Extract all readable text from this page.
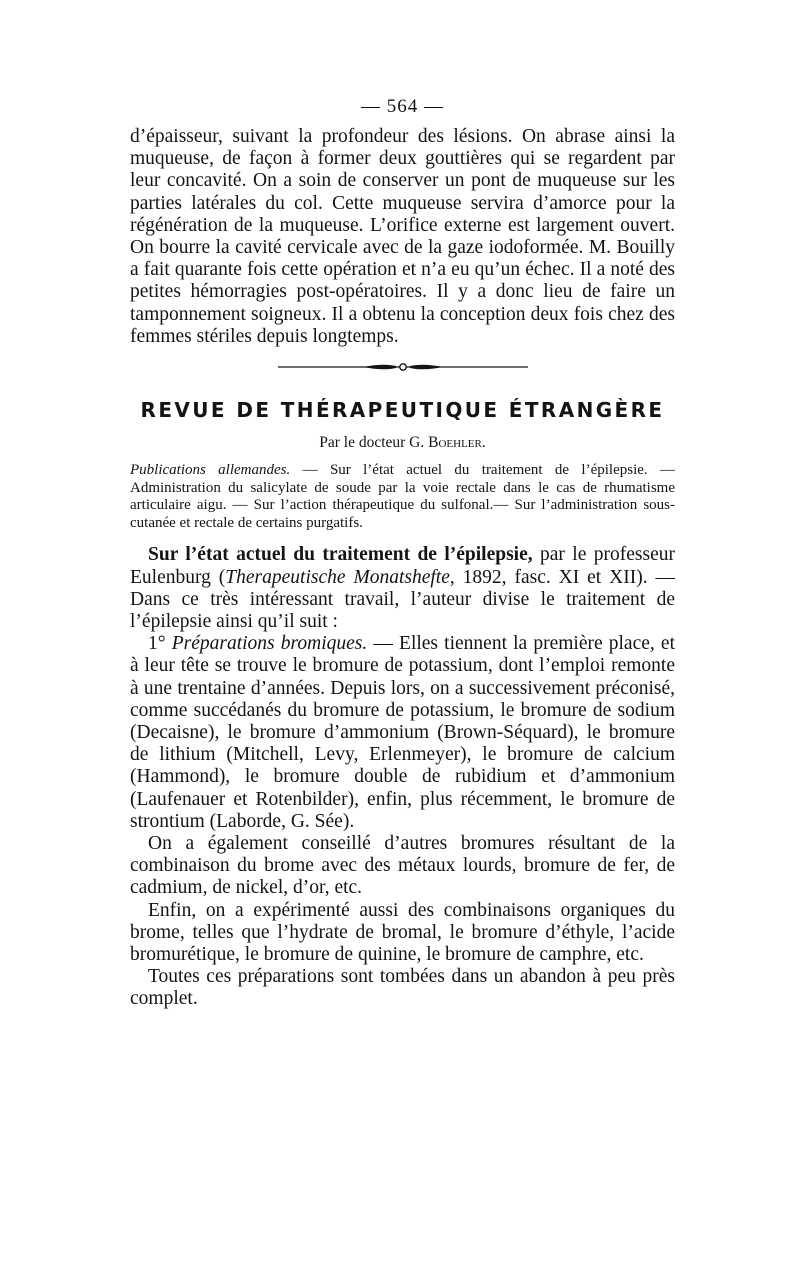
— 564 —

d’épaisseur, suivant la profondeur des lésions. On abrase ainsi la muqueuse, de façon à former deux gouttières qui se regardent par leur concavité. On a soin de conserver un pont de muqueuse sur les parties latérales du col. Cette muqueuse servira d’amorce pour la régénération de la muqueuse. L’orifice externe est largement ouvert. On bourre la cavité cervicale avec de la gaze iodoformée. M. Bouilly a fait quarante fois cette opération et n’a eu qu’un échec. Il a noté des petites hémorragies post-opératoires. Il y a donc lieu de faire un tamponnement soigneux. Il a obtenu la conception deux fois chez des femmes stériles depuis longtemps.

REVUE DE THÉRAPEUTIQUE ÉTRANGÈRE
Par le docteur G. Boehler.

Publications allemandes. — Sur l’état actuel du traitement de l’épilepsie. — Administration du salicylate de soude par la voie rectale dans le cas de rhumatisme articulaire aigu. — Sur l’action thérapeutique du sulfonal.— Sur l’administration sous-cutanée et rectale de certains purgatifs.

Sur l’état actuel du traitement de l’épilepsie, par le professeur Eulenburg (Therapeutische Monatshefte, 1892, fasc. XI et XII). — Dans ce très intéressant travail, l’auteur divise le traitement de l’épilepsie ainsi qu’il suit :

1° Préparations bromiques. — Elles tiennent la première place, et à leur tête se trouve le bromure de potassium, dont l’emploi remonte à une trentaine d’années. Depuis lors, on a successivement préconisé, comme succédanés du bromure de potassium, le bromure de sodium (Decaisne), le bromure d’ammonium (Brown-Séquard), le bromure de lithium (Mitchell, Levy, Erlenmeyer), le bromure de calcium (Hammond), le bromure double de rubidium et d’ammonium (Laufenauer et Rotenbilder), enfin, plus récemment, le bromure de strontium (Laborde, G. Sée).

On a également conseillé d’autres bromures résultant de la combinaison du brome avec des métaux lourds, bromure de fer, de cadmium, de nickel, d’or, etc.

Enfin, on a expérimenté aussi des combinaisons organiques du brome, telles que l’hydrate de bromal, le bromure d’éthyle, l’acide bromurétique, le bromure de quinine, le bromure de camphre, etc.

Toutes ces préparations sont tombées dans un abandon à peu près complet.
